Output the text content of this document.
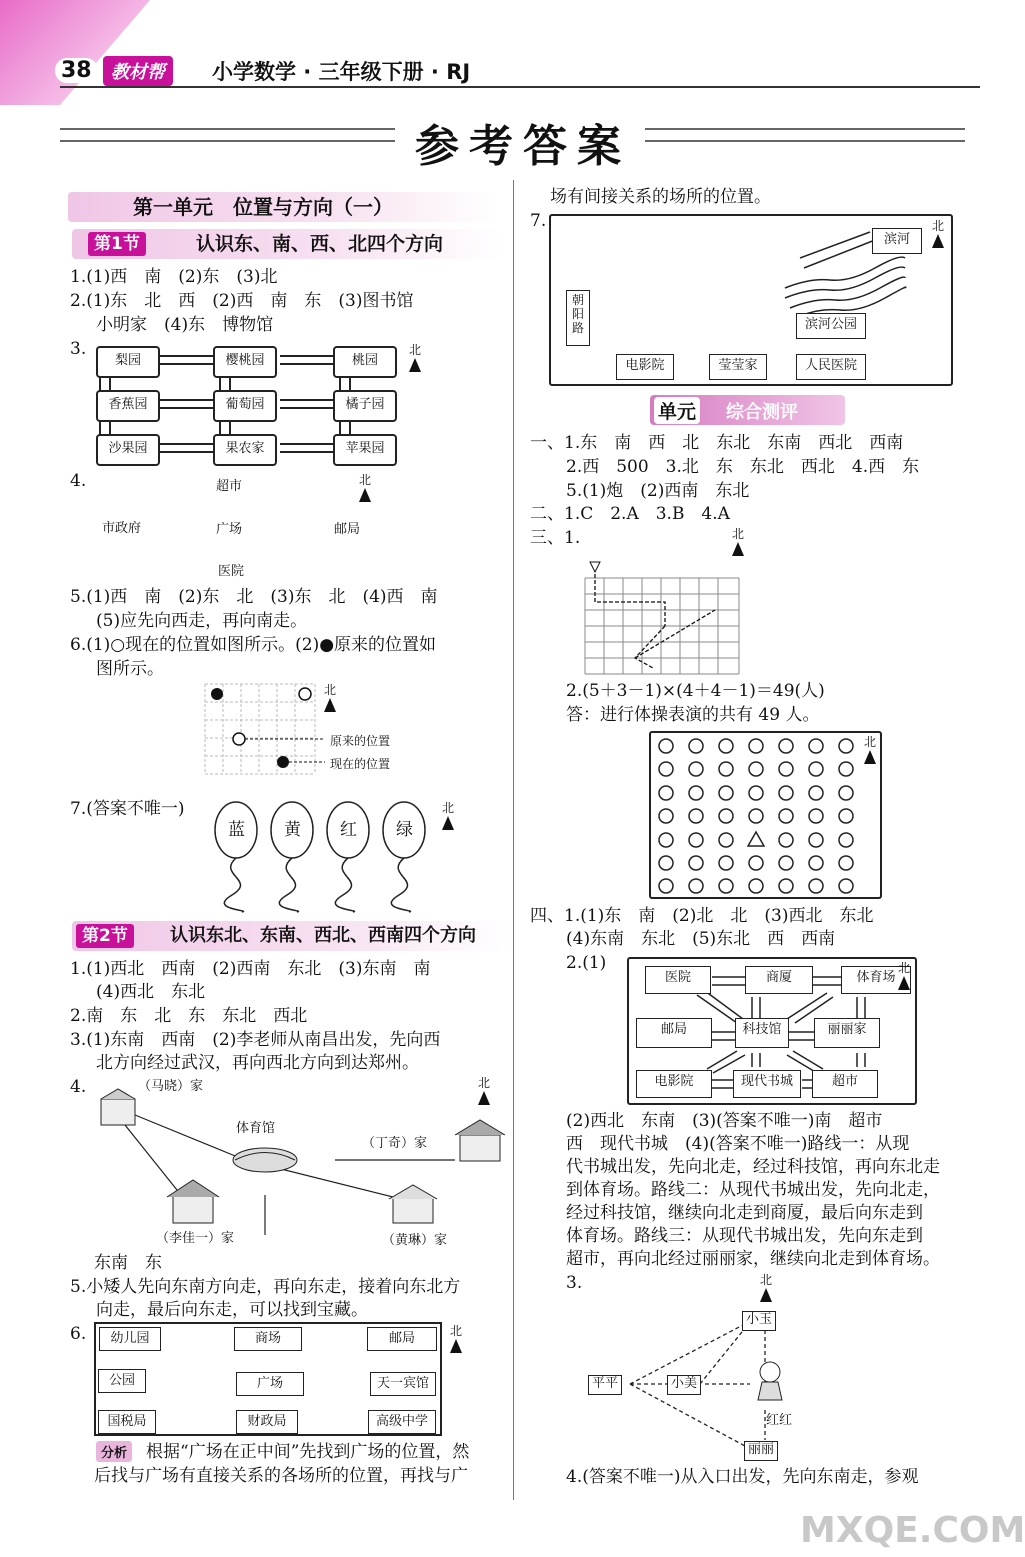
38	教材帮	小学数学 · 三年级下册 · RJ
参考答案
第一单元　位置与方向（一）
第1节	认识东、南、西、北四个方向
1.(1)西　南　(2)东　(3)北
2.(1)东　北　西　(2)西　南　东　(3)图书馆
小明家　(4)东　博物馆
3.
梨园	樱桃园	桃园
香蕉园	葡萄园	橘子园
沙果园	果农家	苹果园
北
4.	超市
市政府	广场	邮局
医院
北
5.(1)西　南　(2)东　北　(3)东　北　(4)西　南
(5)应先向西走，再向南走。
6.(1)○现在的位置如图所示。(2)●原来的位置如
图所示。
原来的位置
现在的位置
北
7.(答案不唯一)
蓝 黄 红 绿
北
第2节	认识东北、东南、西北、西南四个方向
1.(1)西北　西南　(2)西南　东北　(3)东南　南
(4)西北　东北
2.南　东　北　东　东北　西北
3.(1)东南　西南　(2)李老师从南昌出发，先向西
北方向经过武汉，再向西北方向到达郑州。
4.	（马晓）家
体育馆
（丁奇）家
（李佳一）家	（黄琳）家
北
东南　东
5.小矮人先向东南方向走，再向东走，接着向东北方
向走，最后向东走，可以找到宝藏。
6.	幼儿园	商场	邮局
公园	广场	天一宾馆
国税局	财政局	高级中学
北
分析 根据“广场在正中间”先找到广场的位置，然
后找与广场有直接关系的各场所的位置，再找与广
场有间接关系的场所的位置。
7.
滨河
朝阳路	滨河公园
电影院	莹莹家	人民医院
北
单元 综合测评
一、1.东　南　西　北　东北　东南　西北　西南
2.西　500　3.北　东　东北　西北　4.西　东
5.(1)炮　(2)西南　东北
二、1.C　2.A　3.B　4.A
三、1.	北
2.(5＋3－1)×(4＋4－1)＝49(人)
答：进行体操表演的共有 49 人。
北
四、1.(1)东　南　(2)北　北　(3)西北　东北
(4)东南　东北　(5)东北　西　西南
2.(1)
医院	商厦	体育场
邮局	科技馆	丽丽家
电影院	现代书城	超市
北
(2)西北　东南　(3)(答案不唯一)南　超市
西　现代书城　(4)(答案不唯一)路线一：从现
代书城出发，先向北走，经过科技馆，再向东北走
到体育场。路线二：从现代书城出发，先向北走，
经过科技馆，继续向北走到商厦，最后向东走到
体育场。路线三：从现代书城出发，先向东走到
超市，再向北经过丽丽家，继续向北走到体育场。
3.
小玉
平平	小美
红红
丽丽
北
4.(答案不唯一)从入口出发，先向东南走，参观
MXQE.COM
